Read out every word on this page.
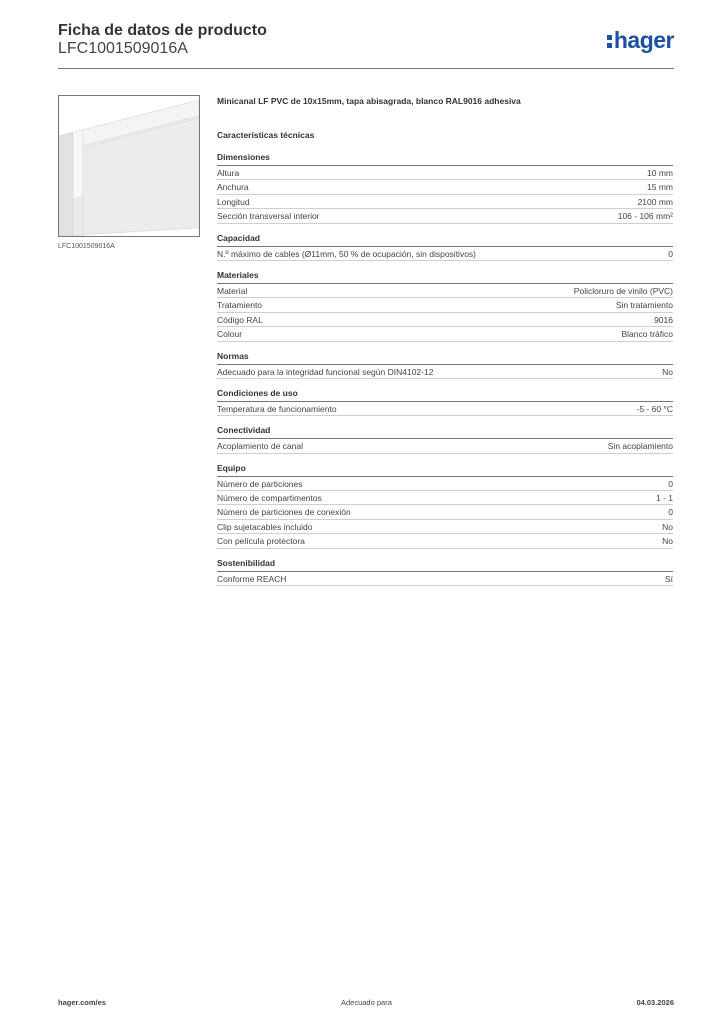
Ficha de datos de producto
LFC1001509016A	hager
LFC1001509016A
Minicanal LF PVC de 10x15mm, tapa abisagrada, blanco RAL9016 adhesiva
Características técnicas
Dimensiones
Altura	10 mm
Anchura	15 mm
Longitud	2100 mm
Sección transversal interior	106 - 106 mm²
Capacidad
N.º máximo de cables (Ø11mm, 50 % de ocupación, sin dispositivos)	0
Materiales
Material	Policloruro de vinilo (PVC)
Tratamiento	Sin tratamiento
Código RAL	9016
Colour	Blanco tráfico
Normas
Adecuado para la integridad funcional según DIN4102-12	No
Condiciones de uso
Temperatura de funcionamiento	-5 - 60 °C
Conectividad
Acoplamiento de canal	Sin acoplamiento
Equipo
Número de particiones	0
Número de compartimentos	1 - 1
Número de particiones de conexión	0
Clip sujetacables incluido	No
Con película protectora	No
Sostenibilidad
Conforme REACH	Sí
hager.com/es	Adecuado para	04.03.2026
